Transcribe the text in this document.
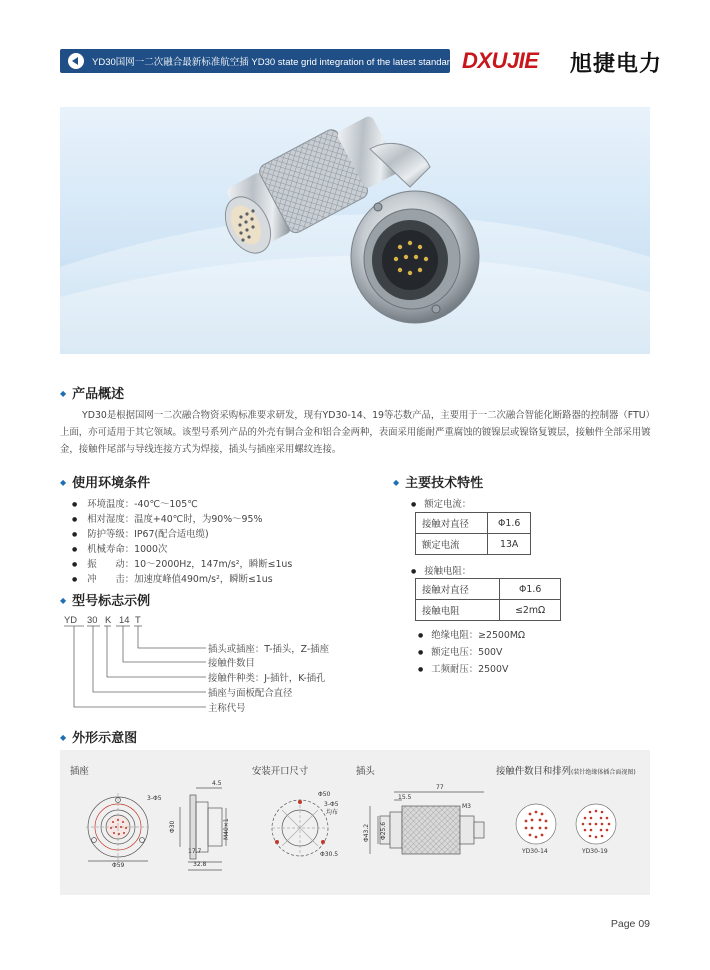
YD30国网一二次融合最新标准航空插 YD30 state grid integration of the latest standard aviation plug
DXUJIE 旭捷电力
◆ 产品概述

YD30是根据国网一二次融合物资采购标准要求研发，现有YD30-14、19等芯数产品，主要用于一二次融合智能化断路器的控制器（FTU）上面，亦可适用于其它领域。该型号系列产品的外壳有铜合金和铝合金两种，表面采用能耐严重腐蚀的镀镍层或镍铬复镀层，接触件全部采用镀金，接触件尾部与导线连接方式为焊接，插头与插座采用螺纹连接。

◆ 使用环境条件
● 环境温度：-40℃～105℃
● 相对湿度：温度+40℃时，为90%～95%
● 防护等级：IP67(配合适电缆)
● 机械寿命：1000次
● 振　　动：10～2000Hz，147m/s²，瞬断≤1us
● 冲　　击：加速度峰值490m/s²，瞬断≤1us
◆ 主要技术特性
● 额定电流：
接触对直径	Φ1.6
额定电流	13A
● 接触电阻：
接触对直径	Φ1.6
接触电阻	≤2mΩ
● 绝缘电阻：≥2500MΩ
● 额定电压：500V
● 工频耐压：2500V
◆ 型号标志示例
YD 30 K 14 T
插头或插座：T-插头，Z-插座
接触件数目
接触件种类：J-插针，K-插孔
插座与面板配合直径
主称代号
◆ 外形示意图
插座	安装开口尺寸	插头	接触件数目和排列(装针绝缘体插合面视图)
3-Φ5
Φ59
4.5
17.7
32.8
Φ30	M40×1
Φ50
3-Φ5
均布
Φ30.5
77
15.5
M3
Φ43.2 Φ25.6
YD30-14	YD30-19
Page 09
